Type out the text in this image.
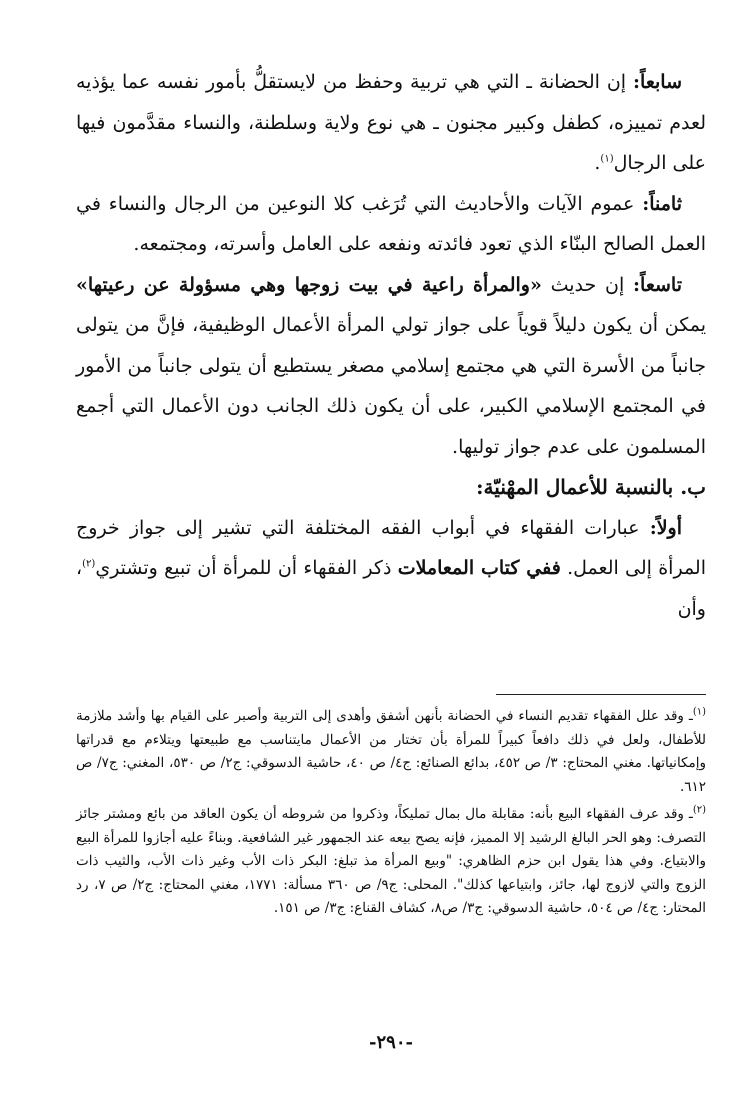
سابعاً: إن الحضانة ـ التي هي تربية وحفظ من لايستقلُّ بأمور نفسه عما يؤذيه لعدم تمييزه، كطفل وكبير مجنون ـ هي نوع ولاية وسلطنة، والنساء مقدَّمون فيها على الرجال$^{(١)}$.

ثامناً: عموم الآيات والأحاديث التي تُرَغب كلا النوعين من الرجال والنساء في العمل الصالح البنّاء الذي تعود فائدته ونفعه على العامل وأسرته، ومجتمعه.

تاسعاً: إن حديث «والمرأة راعية في بيت زوجها وهي مسؤولة عن رعيتها» يمكن أن يكون دليلاً قوياً على جواز تولي المرأة الأعمال الوظيفية، فإنَّ من يتولى جانباً من الأسرة التي هي مجتمع إسلامي مصغر يستطيع أن يتولى جانباً من الأمور في المجتمع الإسلامي الكبير، على أن يكون ذلك الجانب دون الأعمال التي أجمع المسلمون على عدم جواز توليها.

ب. بالنسبة للأعمال المهْنيّة:

أولاً: عبارات الفقهاء في أبواب الفقه المختلفة التي تشير إلى جواز خروج المرأة إلى العمل. ففي كتاب المعاملات ذكر الفقهاء أن للمرأة أن تبيع وتشتري$^{(٢)}$، وأن

$^{(١)}$ـ وقد علل الفقهاء تقديم النساء في الحضانة بأنهن أشفق وأهدى إلى التربية وأصبر على القيام بها وأشد ملازمة للأطفال، ولعل في ذلك دافعاً كبيراً للمرأة بأن تختار من الأعمال مايتناسب مع طبيعتها ويتلاءم مع قدراتها وإمكانياتها. مغني المحتاج: ٣/ ص ٤٥٢، بدائع الصنائع: ج٤/ ص ٤٠، حاشية الدسوقي: ج٢/ ص ٥٣٠، المغني: ج٧/ ص ٦١٢.

$^{(٢)}$ـ وقد عرف الفقهاء البيع بأنه: مقابلة مال بمال تمليكاً، وذكروا من شروطه أن يكون العاقد من بائع ومشتر جائز التصرف: وهو الحر البالغ الرشيد إلا المميز، فإنه يصح بيعه عند الجمهور غير الشافعية. وبناءً عليه أجازوا للمرأة البيع والابتياع. وفي هذا يقول ابن حزم الظاهري: "وبيع المرأة مذ تبلغ: البكر ذات الأب وغير ذات الأب، والثيب ذات الزوج والتي لازوج لها، جائز، وابتياعها كذلك". المحلى: ج٩/ ص ٣٦٠ مسألة: ١٧٧١، مغني المحتاج: ج٢/ ص ٧، رد المحتار: ج٤/ ص ٥٠٤، حاشية الدسوقي: ج٣/ ص٨، كشاف القناع: ج٣/ ص ١٥١.

-٢٩٠-
